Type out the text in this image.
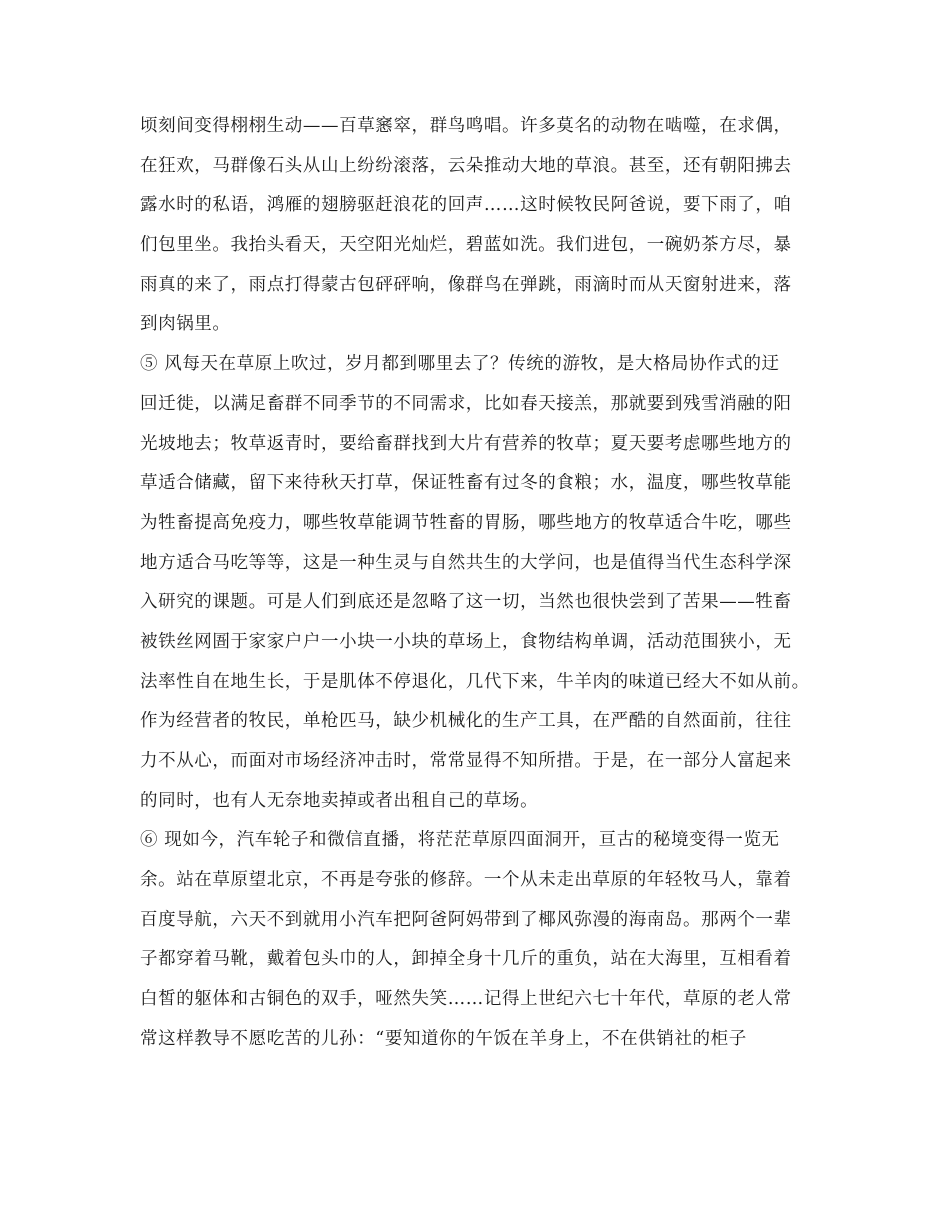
顷刻间变得栩栩生动——百草窸窣，群鸟鸣唱。许多莫名的动物在啮噬，在求偶，
在狂欢，马群像石头从山上纷纷滚落，云朵推动大地的草浪。甚至，还有朝阳拂去
露水时的私语，鸿雁的翅膀驱赶浪花的回声……这时候牧民阿爸说，要下雨了，咱
们包里坐。我抬头看天，天空阳光灿烂，碧蓝如洗。我们进包，一碗奶茶方尽，暴
雨真的来了，雨点打得蒙古包砰砰响，像群鸟在弹跳，雨滴时而从天窗射进来，落
到肉锅里。
⑤ 风每天在草原上吹过，岁月都到哪里去了？传统的游牧，是大格局协作式的迂
回迁徙，以满足畜群不同季节的不同需求，比如春天接羔，那就要到残雪消融的阳
光坡地去；牧草返青时，要给畜群找到大片有营养的牧草；夏天要考虑哪些地方的
草适合储藏，留下来待秋天打草，保证牲畜有过冬的食粮；水，温度，哪些牧草能
为牲畜提高免疫力，哪些牧草能调节牲畜的胃肠，哪些地方的牧草适合牛吃，哪些
地方适合马吃等等，这是一种生灵与自然共生的大学问，也是值得当代生态科学深
入研究的课题。可是人们到底还是忽略了这一切，当然也很快尝到了苦果——牲畜
被铁丝网圄于家家户户一小块一小块的草场上，食物结构单调，活动范围狭小，无
法率性自在地生长，于是肌体不停退化，几代下来，牛羊肉的味道已经大不如从前。
作为经营者的牧民，单枪匹马，缺少机械化的生产工具，在严酷的自然面前，往往
力不从心，而面对市场经济冲击时，常常显得不知所措。于是，在一部分人富起来
的同时，也有人无奈地卖掉或者出租自己的草场。
⑥ 现如今，汽车轮子和微信直播，将茫茫草原四面洞开，亘古的秘境变得一览无
余。站在草原望北京，不再是夸张的修辞。一个从未走出草原的年轻牧马人，靠着
百度导航，六天不到就用小汽车把阿爸阿妈带到了椰风弥漫的海南岛。那两个一辈
子都穿着马靴，戴着包头巾的人，卸掉全身十几斤的重负，站在大海里，互相看着
白皙的躯体和古铜色的双手，哑然失笑……记得上世纪六七十年代，草原的老人常
常这样教导不愿吃苦的儿孙：“要知道你的午饭在羊身上，不在供销社的柜子
